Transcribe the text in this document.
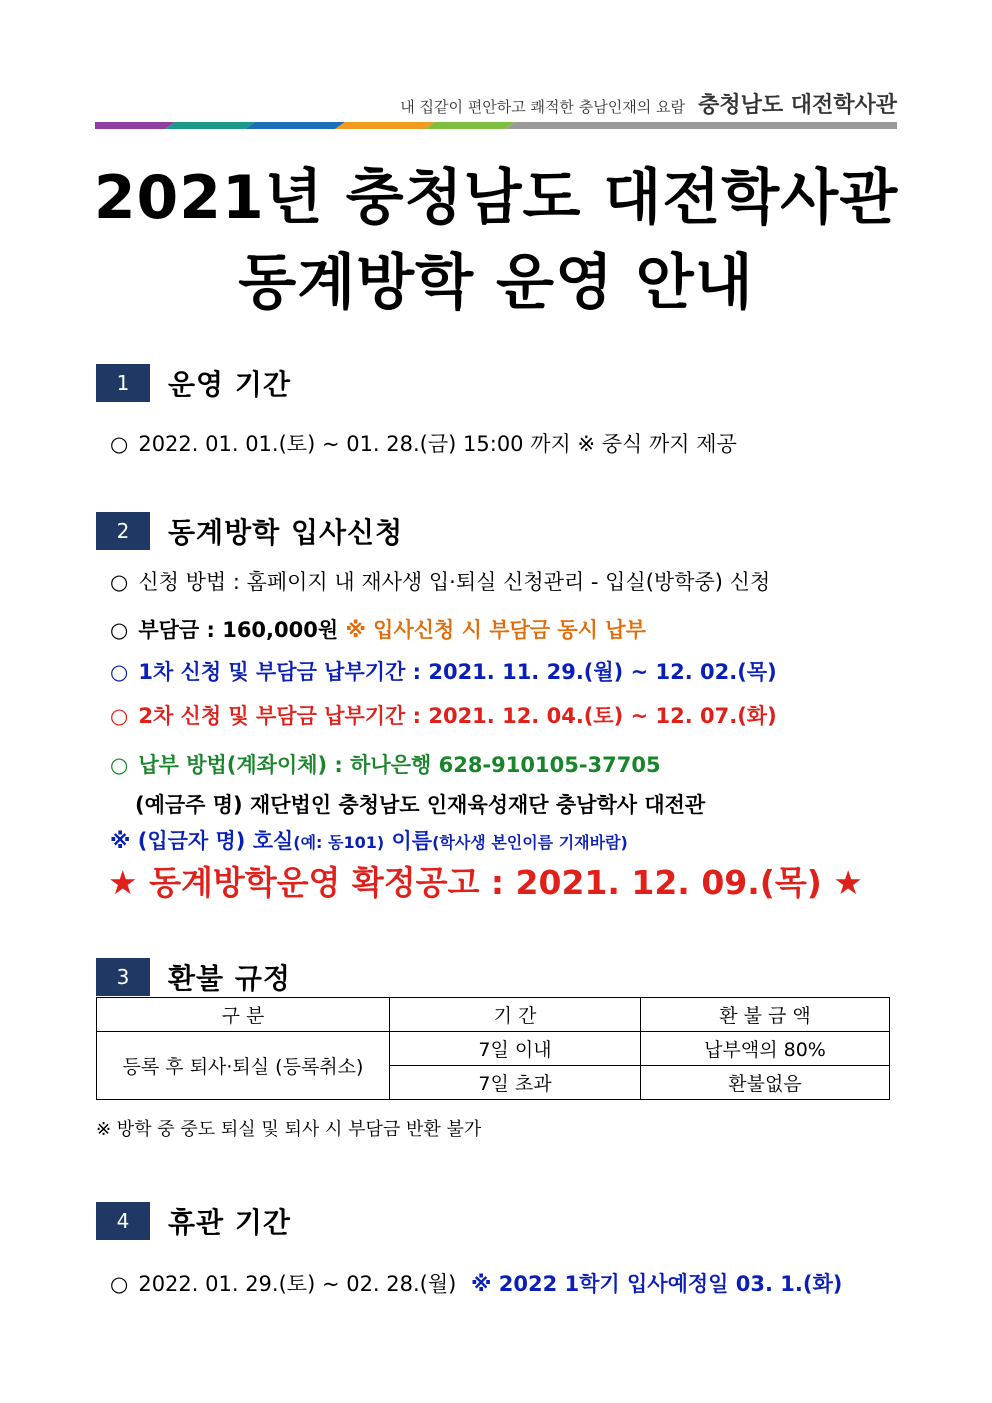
내 집같이 편안하고 쾌적한 충남인재의 요람 충청남도 대전학사관
2021년 충청남도 대전학사관
동계방학 운영 안내
1	운영 기간
○ 2022. 01. 01.(토) ~ 01. 28.(금) 15:00 까지 ※ 중식 까지 제공
2	동계방학 입사신청
○ 신청 방법 : 홈페이지 내 재사생 입·퇴실 신청관리 - 입실(방학중) 신청
○ 부담금 : 160,000원 ※ 입사신청 시 부담금 동시 납부
○ 1차 신청 및 부담금 납부기간 : 2021. 11. 29.(월) ~ 12. 02.(목)
○ 2차 신청 및 부담금 납부기간 : 2021. 12. 04.(토) ~ 12. 07.(화)
○ 납부 방법(계좌이체) : 하나은행 628-910105-37705
(예금주 명) 재단법인 충청남도 인재육성재단 충남학사 대전관
※ (입금자 명) 호실(예: 동101) 이름(학사생 본인이름 기재바람)
★ 동계방학운영 확정공고 : 2021. 12. 09.(목) ★
3	환불 규정
구 분	기 간	환 불 금 액
등록 후 퇴사·퇴실 (등록취소)	7일 이내	납부액의 80%
	7일 초과	환불없음
※ 방학 중 중도 퇴실 및 퇴사 시 부담금 반환 불가
4	휴관 기간
○ 2022. 01. 29.(토) ~ 02. 28.(월) ※ 2022 1학기 입사예정일 03. 1.(화)
